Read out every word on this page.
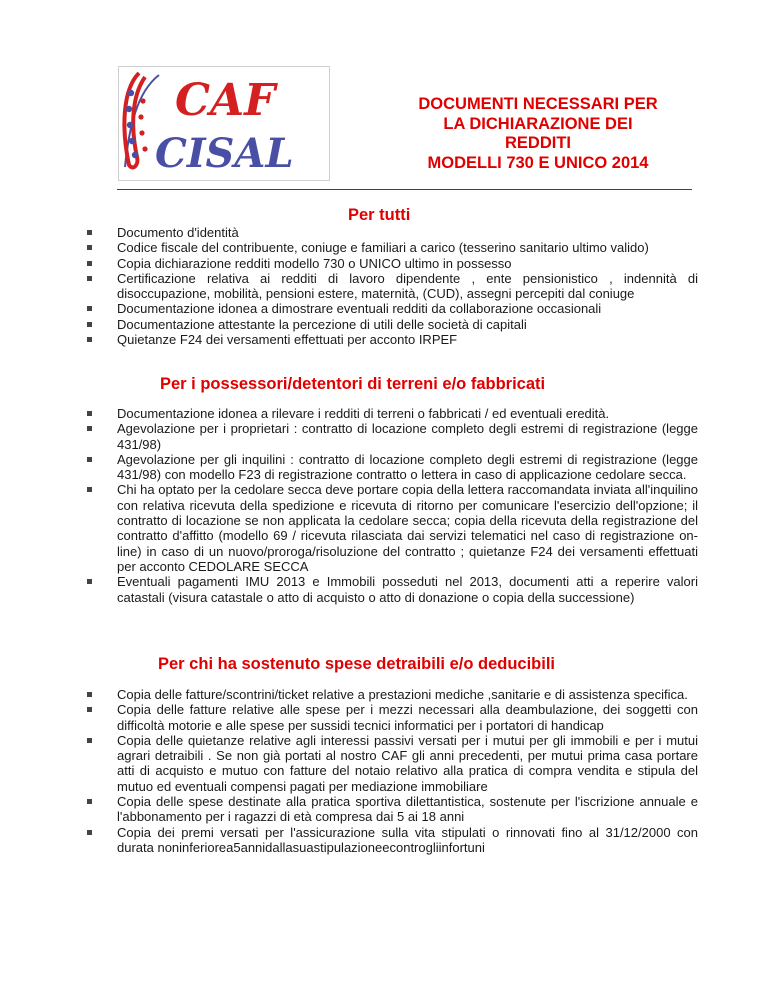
CAF
CISAL
DOCUMENTI NECESSARI PER
LA DICHIARAZIONE DEI
REDDITI
MODELLI 730 E UNICO 2014
Per tutti
Documento d'identità
Codice fiscale del contribuente, coniuge e familiari a carico (tesserino sanitario ultimo valido)
Copia dichiarazione redditi modello 730 o UNICO ultimo in possesso
Certificazione relativa ai redditi di lavoro dipendente , ente pensionistico , indennità di disoccupazione, mobilità, pensioni estere, maternità, (CUD), assegni percepiti dal coniuge
Documentazione idonea a dimostrare eventuali redditi da collaborazione occasionali
Documentazione attestante la percezione di utili delle società di capitali
Quietanze F24 dei versamenti effettuati per acconto IRPEF
Per i possessori/detentori di terreni e/o fabbricati
Documentazione idonea a rilevare i redditi di terreni o fabbricati / ed eventuali eredità.
Agevolazione per i proprietari : contratto di locazione completo degli estremi di registrazione (legge 431/98)
Agevolazione per gli inquilini : contratto di locazione completo degli estremi di registrazione (legge 431/98) con modello F23 di registrazione contratto o lettera in caso di applicazione cedolare secca.
Chi ha optato per la cedolare secca deve portare copia della lettera raccomandata inviata all'inquilino con relativa ricevuta della spedizione e ricevuta di ritorno per comunicare l'esercizio dell'opzione; il contratto di locazione se non applicata la cedolare secca; copia della ricevuta della registrazione del contratto d'affitto (modello 69 / ricevuta rilasciata dai servizi telematici nel caso di registrazione on-line) in caso di un nuovo/proroga/risoluzione del contratto ; quietanze F24 dei versamenti effettuati per acconto CEDOLARE SECCA
Eventuali pagamenti IMU 2013 e Immobili posseduti nel 2013, documenti atti a reperire valori catastali (visura catastale o atto di acquisto o atto di donazione o copia della successione)
Per chi ha sostenuto spese detraibili e/o deducibili
Copia delle fatture/scontrini/ticket relative a prestazioni mediche ,sanitarie e di assistenza specifica.
Copia delle fatture relative alle spese per i mezzi necessari alla deambulazione, dei soggetti con difficoltà motorie e alle spese per sussidi tecnici informatici per i portatori di handicap
Copia delle quietanze relative agli interessi passivi versati per i mutui per gli immobili e per i mutui agrari detraibili . Se non già portati al nostro CAF gli anni precedenti, per mutui prima casa portare atti di acquisto e mutuo con fatture del notaio relativo alla pratica di compra vendita e stipula del mutuo ed eventuali compensi pagati per mediazione immobiliare
Copia delle spese destinate alla pratica sportiva dilettantistica, sostenute per l'iscrizione annuale e l'abbonamento per i ragazzi di età compresa dai 5 ai 18 anni
Copia dei premi versati per l'assicurazione sulla vita stipulati o rinnovati fino al 31/12/2000 con durata noninferiorea5annidallasuastipulazioneecontrogliinfortuni
